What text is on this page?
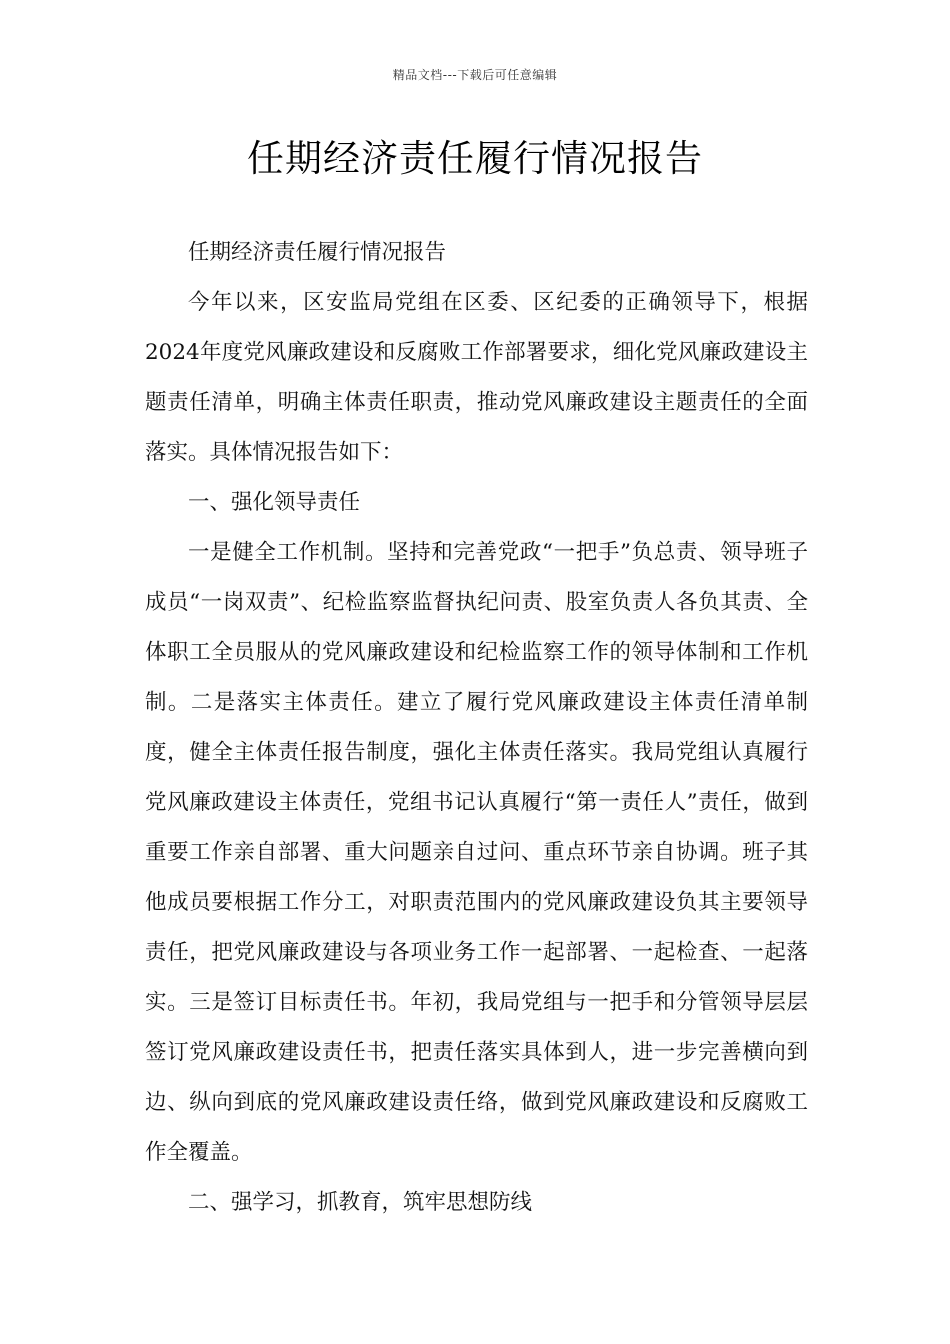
精品文档---下载后可任意编辑
任期经济责任履行情况报告

任期经济责任履行情况报告

今年以来，区安监局党组在区委、区纪委的正确领导下，根据2024年度党风廉政建设和反腐败工作部署要求，细化党风廉政建设主题责任清单，明确主体责任职责，推动党风廉政建设主题责任的全面落实。具体情况报告如下：

一、强化领导责任

一是健全工作机制。坚持和完善党政“一把手”负总责、领导班子成员“一岗双责”、纪检监察监督执纪问责、股室负责人各负其责、全体职工全员服从的党风廉政建设和纪检监察工作的领导体制和工作机制。二是落实主体责任。建立了履行党风廉政建设主体责任清单制度，健全主体责任报告制度，强化主体责任落实。我局党组认真履行党风廉政建设主体责任，党组书记认真履行“第一责任人”责任，做到重要工作亲自部署、重大问题亲自过问、重点环节亲自协调。班子其他成员要根据工作分工，对职责范围内的党风廉政建设负其主要领导责任，把党风廉政建设与各项业务工作一起部署、一起检查、一起落实。三是签订目标责任书。年初，我局党组与一把手和分管领导层层签订党风廉政建设责任书，把责任落实具体到人，进一步完善横向到边、纵向到底的党风廉政建设责任络，做到党风廉政建设和反腐败工作全覆盖。

二、强学习，抓教育，筑牢思想防线
